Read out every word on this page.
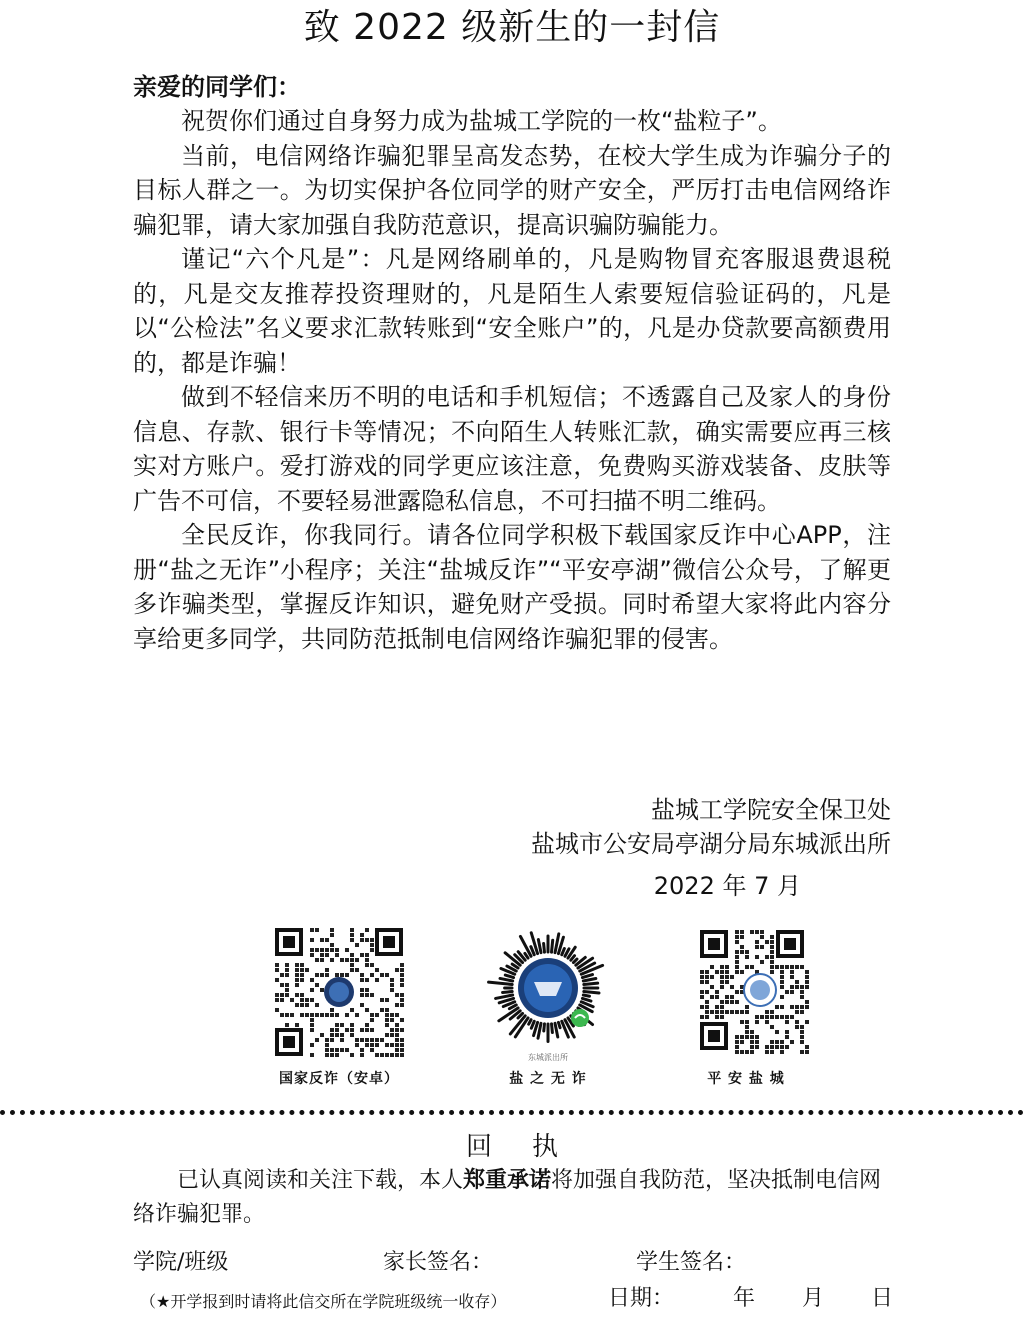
致 2022 级新生的一封信
亲爱的同学们：

祝贺你们通过自身努力成为盐城工学院的一枚“盐粒子”。

当前，电信网络诈骗犯罪呈高发态势，在校大学生成为诈骗分子的目标人群之一。为切实保护各位同学的财产安全，严厉打击电信网络诈骗犯罪，请大家加强自我防范意识，提高识骗防骗能力。

谨记“六个凡是”：凡是网络刷单的，凡是购物冒充客服退费退税的，凡是交友推荐投资理财的，凡是陌生人索要短信验证码的，凡是以“公检法”名义要求汇款转账到“安全账户”的，凡是办贷款要高额费用的，都是诈骗！

做到不轻信来历不明的电话和手机短信；不透露自己及家人的身份信息、存款、银行卡等情况；不向陌生人转账汇款，确实需要应再三核实对方账户。爱打游戏的同学更应该注意，免费购买游戏装备、皮肤等广告不可信，不要轻易泄露隐私信息，不可扫描不明二维码。

全民反诈，你我同行。请各位同学积极下载国家反诈中心APP，注册“盐之无诈”小程序；关注“盐城反诈”“平安亭湖”微信公众号，了解更多诈骗类型，掌握反诈知识，避免财产受损。同时希望大家将此内容分享给更多同学，共同防范抵制电信网络诈骗犯罪的侵害。

盐城工学院安全保卫处
盐城市公安局亭湖分局东城派出所
2022 年 7 月
国家反诈（安卓）
东城派出所
盐 之 无 诈	平 安 盐 城
回执

已认真阅读和关注下载，本人郑重承诺将加强自我防范，坚决抵制电信网络诈骗犯罪。

学院/班级	家长签名：	学生签名：
（★开学报到时请将此信交所在学院班级统一收存）	日期：	年 月 日
